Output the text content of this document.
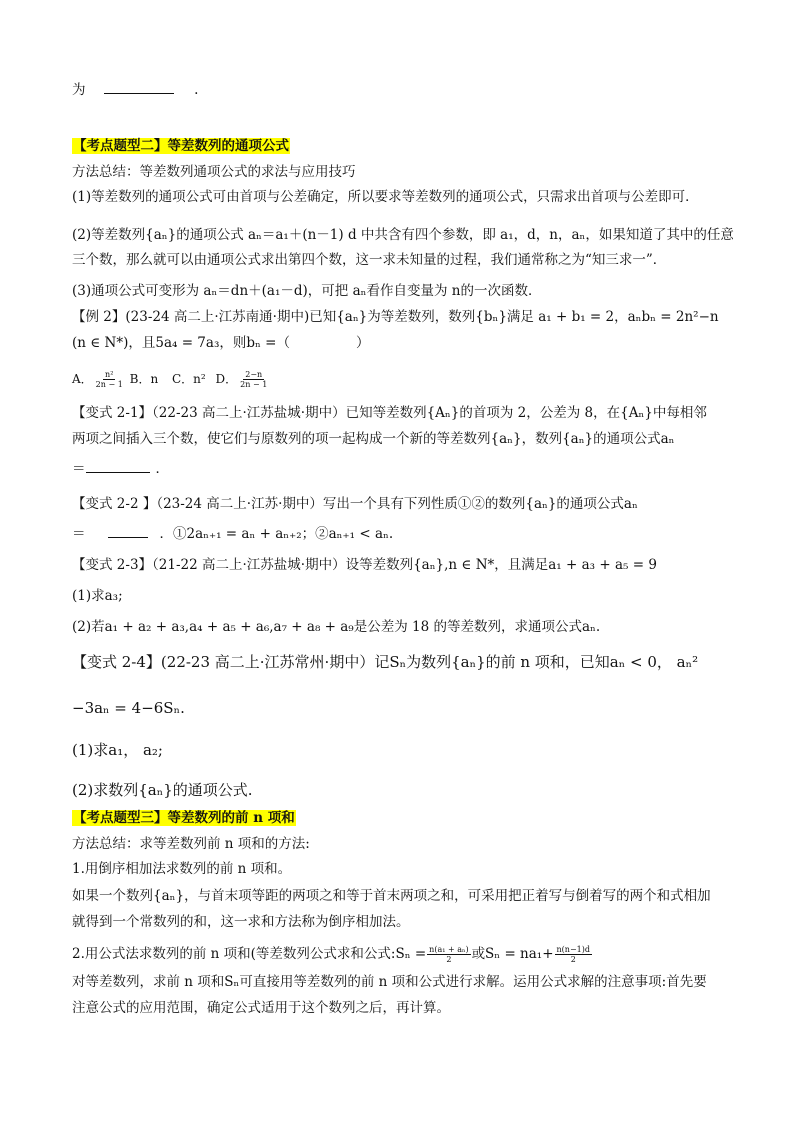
为	.
【考点题型二】等差数列的通项公式
方法总结：等差数列通项公式的求法与应用技巧
(1)等差数列的通项公式可由首项与公差确定，所以要求等差数列的通项公式，只需求出首项与公差即可．
(2)等差数列{aₙ}的通项公式 aₙ＝a₁＋(n－1) d 中共含有四个参数，即 a₁，d，n，aₙ，如果知道了其中的任意
三个数，那么就可以由通项公式求出第四个数，这一求未知量的过程，我们通常称之为“知三求一”．
(3)通项公式可变形为 aₙ＝dn＋(a₁－d)，可把 aₙ看作自变量为 n的一次函数．
【例 2】(23-24 高二上·江苏南通·期中)已知{aₙ}为等差数列，数列{bₙ}满足 a₁ + b₁ = 2，aₙbₙ = 2n²−n
(n ∈ N*)，且5a₄ = 7a₃，则bₙ =（	）
A． $\frac{\text{n²}}{2n - 1}$ B．n C．n² D． $\frac{2-n}{2n - 1}$
【变式 2-1】（22-23 高二上·江苏盐城·期中）已知等差数列{Aₙ}的首项为 2，公差为 8，在{Aₙ}中每相邻
两项之间插入三个数，使它们与原数列的项一起构成一个新的等差数列{aₙ}，数列{aₙ}的通项公式aₙ
＝	．
【变式 2-2 】（23-24 高二上·江苏·期中）写出一个具有下列性质①②的数列{aₙ}的通项公式aₙ
＝	．①2aₙ₊₁ = aₙ + aₙ₊₂；②aₙ₊₁ < aₙ.
【变式 2-3】（21-22 高二上·江苏盐城·期中）设等差数列{aₙ},n ∈ N*，且满足a₁ + a₃ + a₅ = 9
(1)求a₃;
(2)若a₁ + a₂ + a₃,a₄ + a₅ + a₆,a₇ + a₈ + a₉是公差为 18 的等差数列，求通项公式aₙ.
【变式 2-4】(22-23 高二上·江苏常州·期中）记Sₙ为数列{aₙ}的前 n 项和，已知aₙ < 0， aₙ²
−3aₙ = 4−6Sₙ.
(1)求a₁， a₂;
(2)求数列{aₙ}的通项公式.
【考点题型三】等差数列的前 n 项和
方法总结：求等差数列前 n 项和的方法:
1.用倒序相加法求数列的前 n 项和。
如果一个数列{aₙ}，与首末项等距的两项之和等于首末两项之和，可采用把正着写与倒着写的两个和式相加
就得到一个常数列的和，这一求和方法称为倒序相加法。
2.用公式法求数列的前 n 项和(等差数列公式求和公式:Sₙ = $\frac{\text{n(a₁ + aₙ)}}{2}$ 或$S_n = na_1+ \frac{n(n-1)d}{2}$
对等差数列，求前 n 项和Sₙ可直接用等差数列的前 n 项和公式进行求解。运用公式求解的注意事项:首先要
注意公式的应用范围，确定公式适用于这个数列之后，再计算。
